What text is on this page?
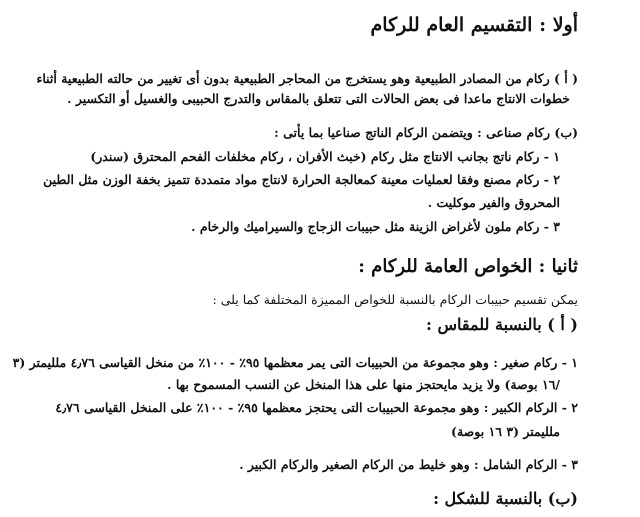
أولا : التقسيم العام للركام
( أ ) ركام من المصادر الطبيعية وهو يستخرج من المحاجر الطبيعية بدون أى تغيير من حالته الطبيعية أثناء
خطوات الانتاج ماعدا فى بعض الحالات التى تتعلق بالمقاس والتدرج الحبيبى والغسيل أو التكسير .
(ب) ركام صناعى : ويتضمن الركام الناتج صناعيا بما يأتى :
١ - ركام ناتج بجانب الانتاج مثل ركام (خبث الأفران ، ركام مخلفات الفحم المحترق (سندر)
٢ - ركام مصنع وفقا لعمليات معينة كمعالجة الحرارة لانتاج مواد متمددة تتميز بخفة الوزن مثل الطين
المحروق والفير موكليت .
٣ - ركام ملون لأغراض الزينة مثل حبيبات الزجاج والسيراميك والرخام .
ثانيا : الخواص العامة للركام :
يمكن تقسيم حبيبات الركام بالنسبة للخواص المميزة المختلفة كما يلى :
( أ ) بالنسبة للمقاس :
١ - ركام صغير : وهو مجموعة من الحبيبات التى يمر معظمها ٩٥٪ - ١٠٠٪ من منخل القياسى ٤٫٧٦ ملليمتر (٣
/١٦ بوصة) ولا يزيد مايحتجز منها على هذا المنخل عن النسب المسموح بها .
٢ - الركام الكبير : وهو مجموعة الحبيبات التى يحتجز معظمها ٩٥٪ - ١٠٠٪ على المنخل القياسى ٤٫٧٦
ملليمتر (٣ ١٦ بوصة)
٣ - الركام الشامل : وهو خليط من الركام الصغير والركام الكبير .
(ب) بالنسبة للشكل :
